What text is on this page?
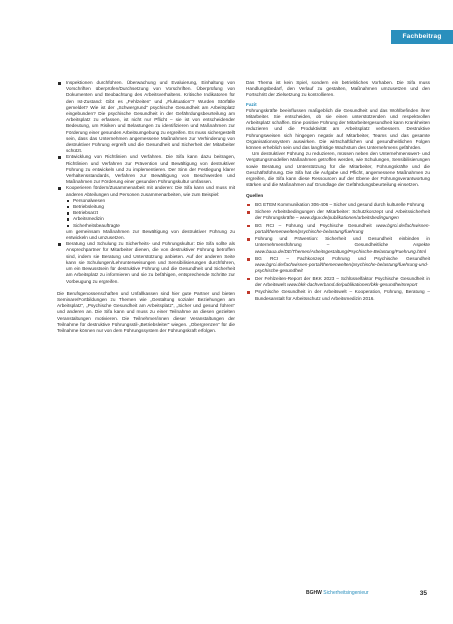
Fachbeitrag
Inspektionen durchführen. Überwachung und Evaluierung, Einhaltung von Vorschriften überprüfen/Durchsetzung von Vorschriften. Überprüfung von Dokumenten und Beobachtung des Arbeitsverhaltens. Kritische Indikatoren für den Ist-Zustand: Gibt es „Fehlzeiten“ und „Fluktuation“? Wurden Störfälle gemeldet? Wie ist der „Schwergrund“ psychische Gesundheit am Arbeitsplatz eingebunden? Die psychische Gesundheit in der Gefährdungsbeurteilung am Arbeitsplatz zu erfassen, ist nicht nur Pflicht – sie ist von entscheidender Bedeutung, um Risiken und Belastungen zu identifizieren und Maßnahmen zur Förderung einer gesunden Arbeitsumgebung zu ergreifen. Es muss sichergestellt sein, dass das Unternehmen angemessene Maßnahmen zur Verhinderung von destruktiver Führung ergreift und die Gesundheit und Sicherheit der Mitarbeiter schützt.
Entwicklung von Richtlinien und Verfahren. Die Sifa kann dazu beitragen, Richtlinien und Verfahren zur Prävention und Bewältigung von destruktiver Führung zu entwickeln und zu implementieren. Der Sinn der Festlegung klarer Verhaltensstandards, Verfahren zur Bewältigung von Beschwerden und Maßnahmen zur Förderung einer gesunden Führungskultur umfassen.
Kooperieren fördern/Zusammenarbeit mit anderen: Die Sifa kann und muss mit anderen Abteilungen und Personen zusammenarbeiten, wie zum Beispiel:
Personalwesen
Betriebsleitung
Betriebsarzt
Arbeitsmedizin
Sicherheitsbeauftragte
um gemeinsam Maßnahmen zur Bewältigung von destruktiver Führung zu entwickeln und umzusetzen.
Beratung und Schulung zu Sicherheits- und Führungskultur: Die Sifa sollte als Ansprechpartner für Mitarbeiter dienen, die von destruktiver Führung betroffen sind, indem sie Beratung und Unterstützung anbieten. Auf der anderen Seite kann sie Schulungen/Lehrunterweisungen und Sensibilisierungen durchführen, um ein Bewusstsein für destruktive Führung und die Gesundheit und Sicherheit am Arbeitsplatz zu informieren und sie zu befähigen, entsprechende Schritte zur Vorbeugung zu ergreifen.

Die Berufsgenossenschaften und Unfallkassen sind hier gute Partner und bieten Seminare/Fortbildungen zu Themen wie „Gestaltung sozialer Beziehungen am Arbeitsplatz“, „Psychische Gesundheit am Arbeitsplatz“, „Sicher und gesund führen“ und anderen an. Die Sifa kann und muss zu einer Teilnahme an diesen gezielten Veranstaltungen motivieren. Die Teilnehmer/innen dieser Veranstaltungen der Teilnahme für destruktive Führungsstil-„Betriebsleiter“ wiegen. „Obergrenzen“ für die Teilnahme können nur von dem Führungssystem der Führungskraft erfolgen.

Das Thema ist kein Spiel, sondern ein betriebliches Vorhaben. Die Sifa muss Handlungsbedarf, den Verlauf zu gestalten, Maßnahmen umzusetzen und den Fortschritt der Zielsetzung zu kontrollieren.

Fazit

Führungskräfte beeinflussen maßgeblich die Gesundheit und das Wohlbefinden ihrer Mitarbeiter. Sie entscheiden, ob sie einen unterstützenden und respektvollen Arbeitsplatz schaffen. Eine positive Führung der Mitarbeitergesundheit kann Krankheiten reduzieren und die Produktivität am Arbeitsplatz verbessern. Destruktive Führungsweisen sich hingegen negativ auf Mitarbeiter, Teams und das gesamte Organisationssystem auswirken. Die wirtschaftlichen und gesundheitlichen Folgen können erheblich sein und das langfristige Wachstum des Unternehmens gefährden.

Um destruktiver Führung zu reduzieren, müssen neben den Unternehmenswert- und Vergütungsmodellen Maßnahmen getroffen werden, wie Schulungen, Sensibilisierungen sowie Beratung und Unterstützung für die Mitarbeiter, Führungskräfte und die Geschäftsführung. Die Sifa hat die Aufgabe und Pflicht, angemessene Maßnahmen zu ergreifen, die Sifa kann diese Ressourcen auf der Ebene der Führungsverantwortung stärken und die Maßnahmen auf Grundlage der Gefährdungsbeurteilung einsetzen.

Quellen
BG ETEM Kommunikation 306-406 – Sicher und gesund durch kulturelle Führung
Sichere Arbeitsbedingungen der Mitarbeiter: Schutzkonzept und Arbeitssicherheit der Führungskräfte – www.dguv.de/publikationen/arbeitsbedingungen
BG RCI – Führung und Psychische Gesundheit www.bgrci.de/fachwissen-portal/themenwelten/psychische-belastung/fuehrung
Führung und Prävention: Sicherheit und Gesundheit einbinden in Unternehmensführung – Gesundheitliche Aspekte www.baua.de/DE/Themen/Arbeitsgestaltung/Psychische-Belastung/Fuehrung.html
BG RCI – Fachkonzept Führung und Psychische Gesundheit www.bgrci.de/fachwissen-portal/themenwelten/psychische-belastung/fuehrung-und-psychische-gesundheit
Der Fehlzeiten-Report der BKK 2023 – Schlüsselfaktor Psychische Gesundheit in der Arbeitswelt www.bkk-dachverband.de/publikationen/bkk-gesundheitsreport
Psychische Gesundheit in der Arbeitswelt – Kooperation, Führung, Beratung – Bundesanstalt für Arbeitsschutz und Arbeitsmedizin 2016.
BGHW Sicherheitsingenieur	35
